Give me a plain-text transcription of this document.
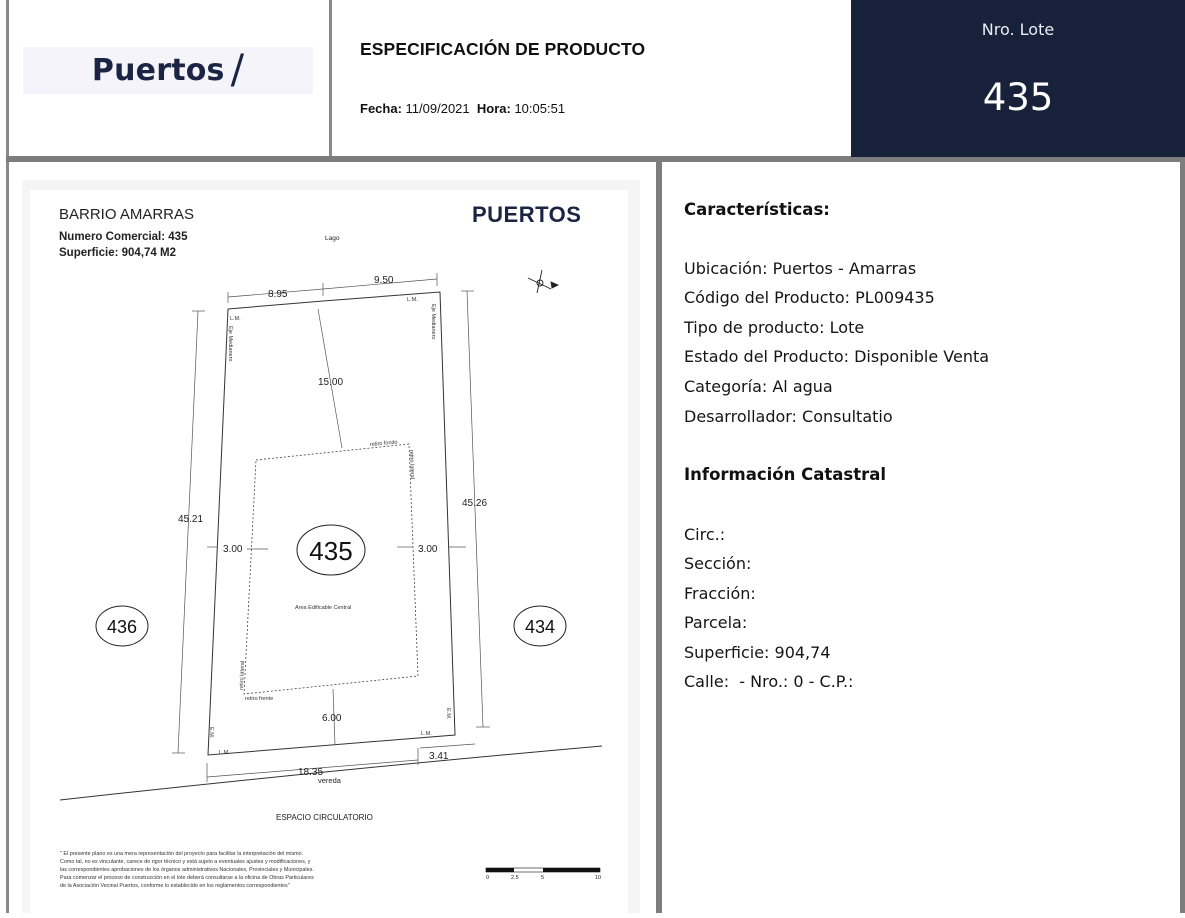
Puertos /	ESPECIFICACIÓN DE PRODUCTO
Fecha: 11/09/2021 Hora: 10:05:51
Nro. Lote
435
BARRIO AMARRAS
Numero Comercial: 435
Superficie: 904,74 M2
PUERTOS
Lago
435
436	434
8.95
9.50
15.00
45.21
45.26
3.00	3.00
6.00
18.35
3.41
L.M.
L.M.
L.M.
L.M.
Eje Medianero
Eje Medianero
E.M.
E.M.
retiro fondo
retiro lateral
retiro lateral
retiro frente
Area Edificable Central
vereda
ESPACIO CIRCULATORIO
" El presente plano es una mera representación del proyecto para facilitar la interpretación del mismo.
Como tal, no es vinculante, carece de rigor técnico y está sujeto a eventuales ajustes y modificaciones, y
las correspondientes aprobaciones de los órganos administrativos Nacionales, Provinciales y Municipales.
Para comenzar el proceso de construcción en el lote deberá consultarse a la oficina de Obras Particulares
de la Asociación Vecinal Puertos, conforme lo establecido en los reglamentos correspondientes"
0	2.5	5	10
Características:
Ubicación: Puertos - Amarras
Código del Producto: PL009435
Tipo de producto: Lote
Estado del Producto: Disponible Venta
Categoría: Al agua
Desarrollador: Consultatio
Información Catastral
Circ.:
Sección:
Fracción:
Parcela:
Superficie: 904,74
Calle:  - Nro.: 0 - C.P.:
